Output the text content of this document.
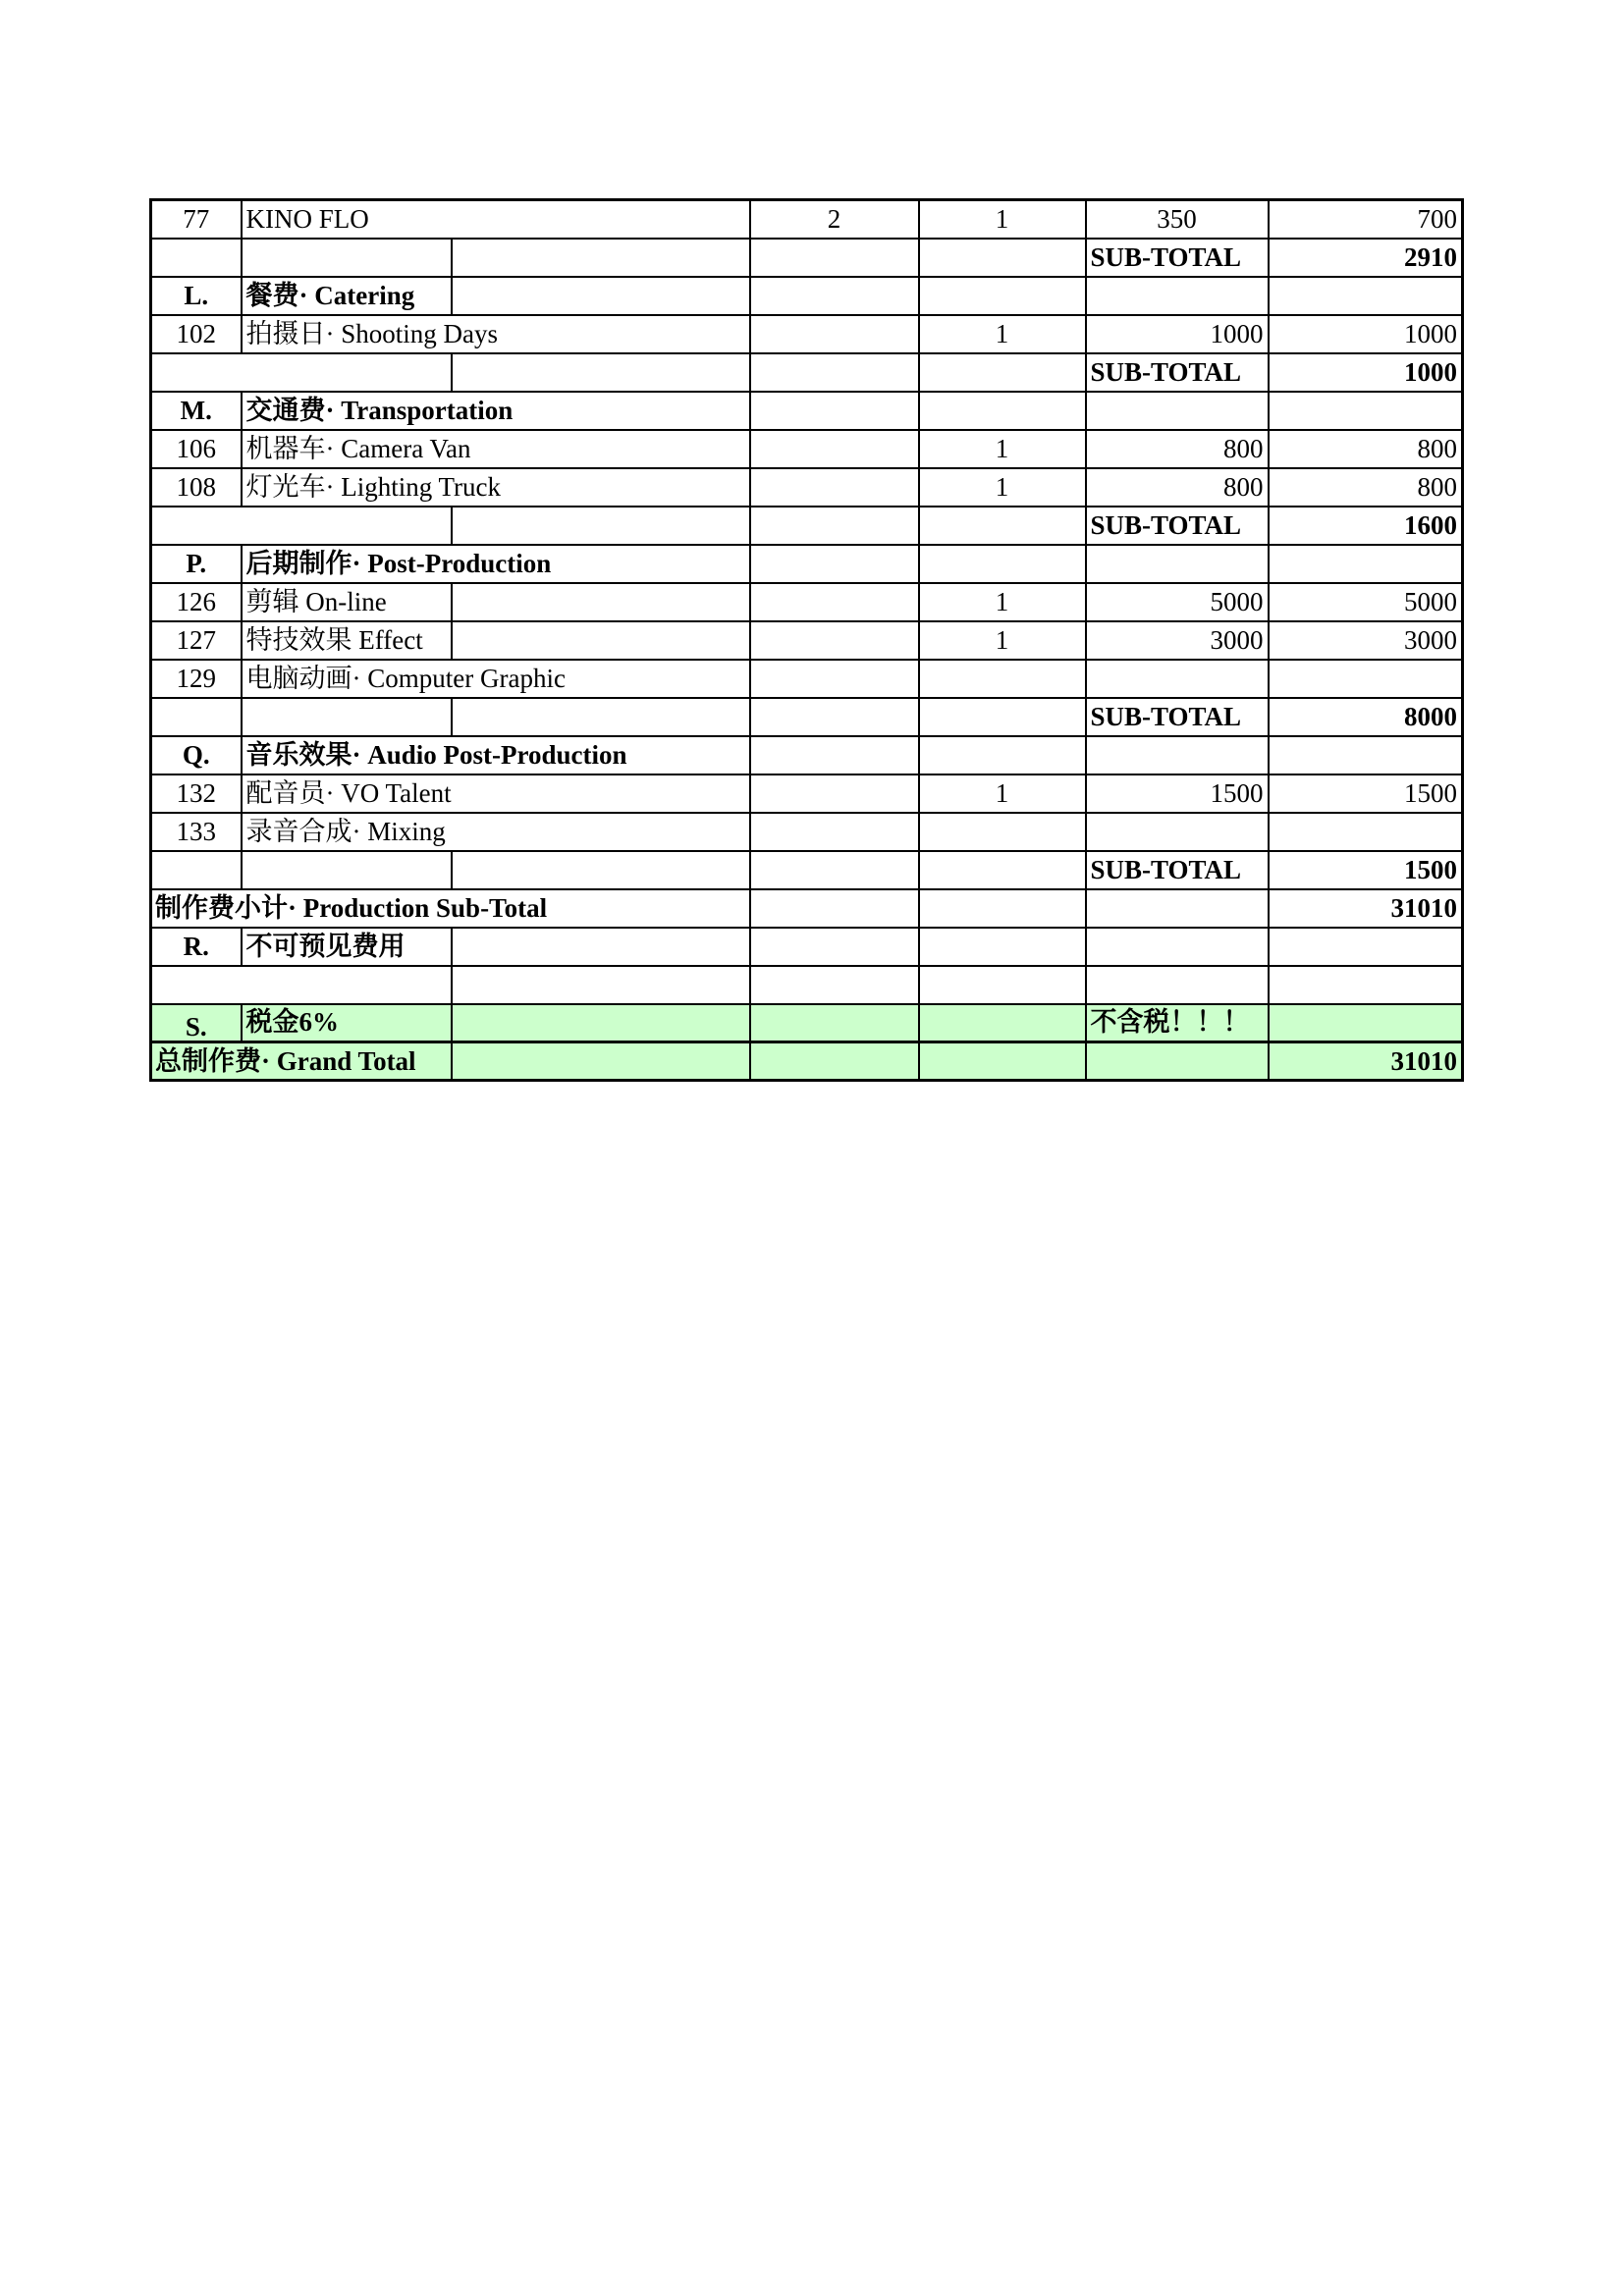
77	KINO FLO		2	1	350	700
					SUB-TOTAL	2910
L.	餐费· Catering					
102	拍摄日· Shooting Days			1	1000	1000
					SUB-TOTAL	1000
M.	交通费· Transportation					
106	机器车· Camera Van			1	800	800
108	灯光车· Lighting Truck			1	800	800
					SUB-TOTAL	1600
P.	后期制作· Post-Production					
126	剪辑 On-line			1	5000	5000
127	特技效果 Effect			1	3000	3000
129	电脑动画· Computer Graphic					
					SUB-TOTAL	8000
Q.	音乐效果· Audio Post-Production					
132	配音员· VO Talent			1	1500	1500
133	录音合成· Mixing					
					SUB-TOTAL	1500
制作费小计· Production Sub-Total						31010
R.	不可预见费用					

S.	税金6%				不含税！！！	
总制作费· Grand Total						31010
